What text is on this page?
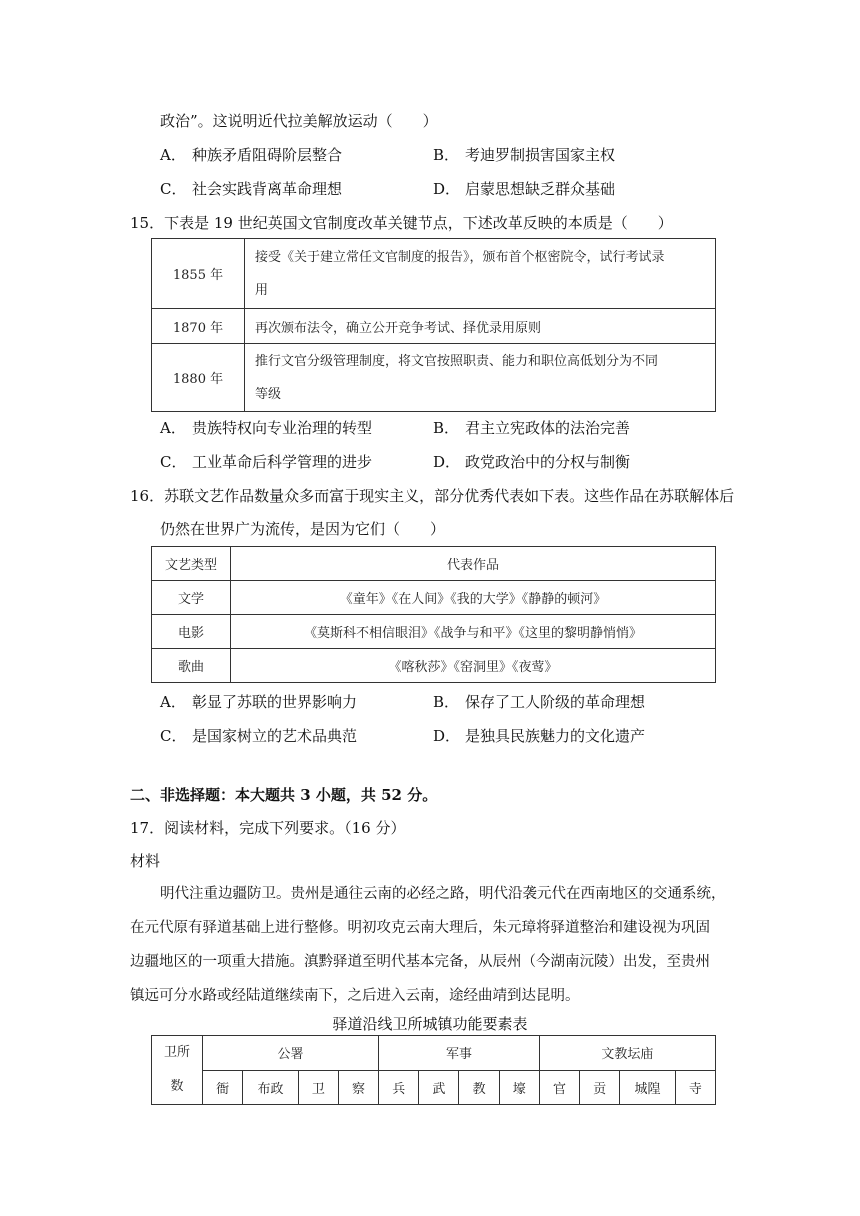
政治”。这说明近代拉美解放运动（　　）
A． 种族矛盾阻碍阶层整合	B． 考迪罗制损害国家主权
C． 社会实践背离革命理想	D． 启蒙思想缺乏群众基础
15．下表是 19 世纪英国文官制度改革关键节点，下述改革反映的本质是（　　）
1855 年	接受《关于建立常任文官制度的报告》，颁布首个枢密院令，试行考试录
用

1870 年	再次颁布法令，确立公开竞争考试、择优录用原则
1880 年	推行文官分级管理制度，将文官按照职责、能力和职位高低划分为不同
等级
A． 贵族特权向专业治理的转型	B． 君主立宪政体的法治完善
C． 工业革命后科学管理的进步	D． 政党政治中的分权与制衡
16．苏联文艺作品数量众多而富于现实主义，部分优秀代表如下表。这些作品在苏联解体后
仍然在世界广为流传，是因为它们（　　）
文艺类型	代表作品
文学	《童年》《在人间》《我的大学》《静静的顿河》
电影	《莫斯科不相信眼泪》《战争与和平》《这里的黎明静悄悄》
歌曲	《喀秋莎》《窑洞里》《夜莺》
A． 彰显了苏联的世界影响力	B． 保存了工人阶级的革命理想
C． 是国家树立的艺术品典范	D． 是独具民族魅力的文化遗产
二、非选择题：本大题共 3 小题，共 52 分。
17．阅读材料，完成下列要求。（16 分）
材料
明代注重边疆防卫。贵州是通往云南的必经之路，明代沿袭元代在西南地区的交通系统，
在元代原有驿道基础上进行整修。明初攻克云南大理后，朱元璋将驿道整治和建设视为巩固
边疆地区的一项重大措施。滇黔驿道至明代基本完备，从辰州（今湖南沅陵）出发，至贵州
镇远可分水路或经陆道继续南下，之后进入云南，途经曲靖到达昆明。
驿道沿线卫所城镇功能要素表
卫所
数	公署				军事				文教坛庙			
	衙	布政	卫	察	兵	武	教	壕	官	贡	城隍	寺
